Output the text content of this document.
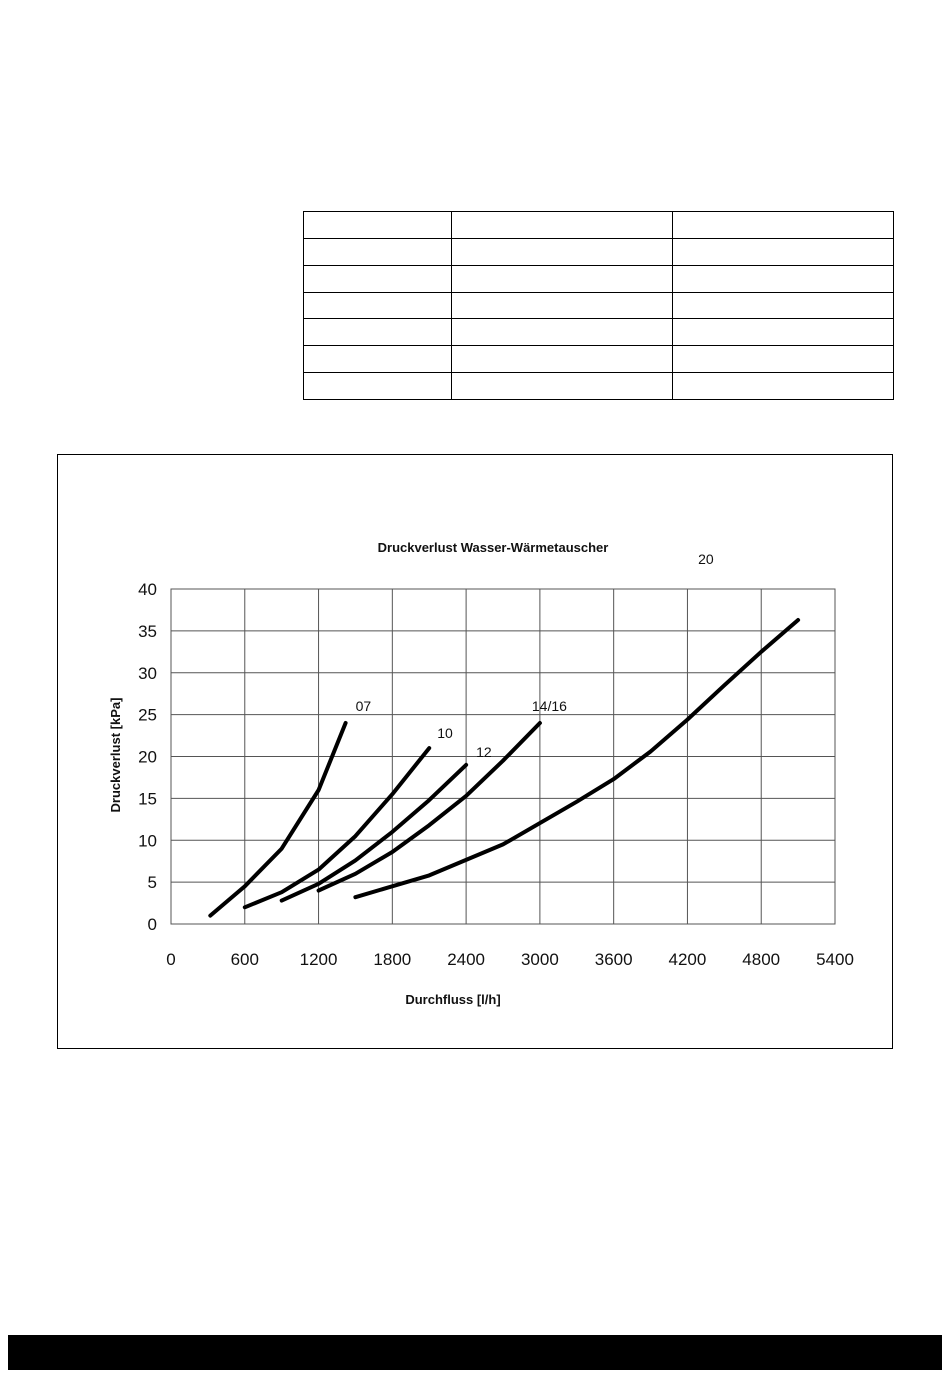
Druckverlust Wasser-Wärmetauscher
0	600 1200 1800 2400 3000 3600 4200 4800 5400
0
5
10
15
20
25
30
35
40
07
10
12
14/16
20
Durchfluss [l/h]
Druckverlust [kPa]
